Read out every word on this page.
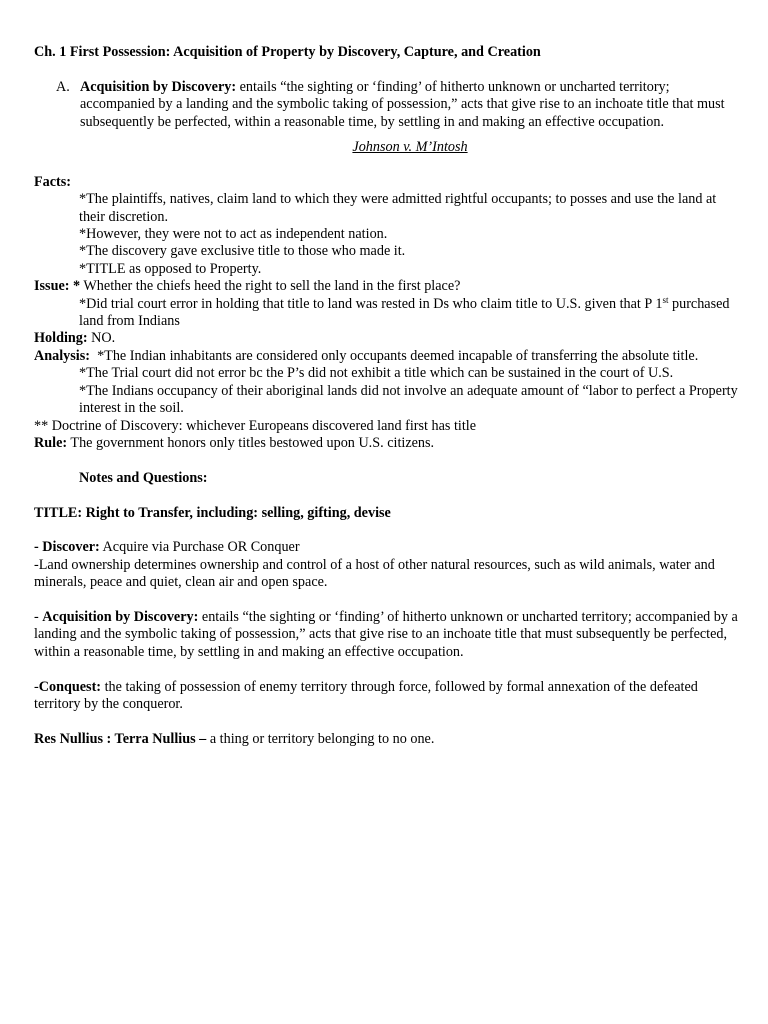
Ch. 1 First Possession: Acquisition of Property by Discovery, Capture, and Creation

A. Acquisition by Discovery: entails “the sighting or ‘finding’ of hitherto unknown or uncharted territory; accompanied by a landing and the symbolic taking of possession,” acts that give rise to an inchoate title that must subsequently be perfected, within a reasonable time, by settling in and making an effective occupation.

Johnson v. M’Intosh

Facts:

*The plaintiffs, natives, claim land to which they were admitted rightful occupants; to posses and use the land at their discretion.

*However, they were not to act as independent nation.

*The discovery gave exclusive title to those who made it.

*TITLE as opposed to Property.

Issue: * Whether the chiefs heed the right to sell the land in the first place?

*Did trial court error in holding that title to land was rested in Ds who claim title to U.S. given that P 1st purchased land from Indians

Holding: NO.

Analysis:  *The Indian inhabitants are considered only occupants deemed incapable of transferring the absolute title.

*The Trial court did not error bc the P’s did not exhibit a title which can be sustained in the court of U.S.

*The Indians occupancy of their aboriginal lands did not involve an adequate amount of “labor to perfect a Property interest in the soil.

** Doctrine of Discovery: whichever Europeans discovered land first has title

Rule: The government honors only titles bestowed upon U.S. citizens.

Notes and Questions:

TITLE: Right to Transfer, including: selling, gifting, devise

- Discover: Acquire via Purchase OR Conquer

-Land ownership determines ownership and control of a host of other natural resources, such as wild animals, water and minerals, peace and quiet, clean air and open space.

- Acquisition by Discovery: entails “the sighting or ‘finding’ of hitherto unknown or uncharted territory; accompanied by a landing and the symbolic taking of possession,” acts that give rise to an inchoate title that must subsequently be perfected, within a reasonable time, by settling in and making an effective occupation.

-Conquest: the taking of possession of enemy territory through force, followed by formal annexation of the defeated territory by the conqueror.

Res Nullius : Terra Nullius – a thing or territory belonging to no one.
